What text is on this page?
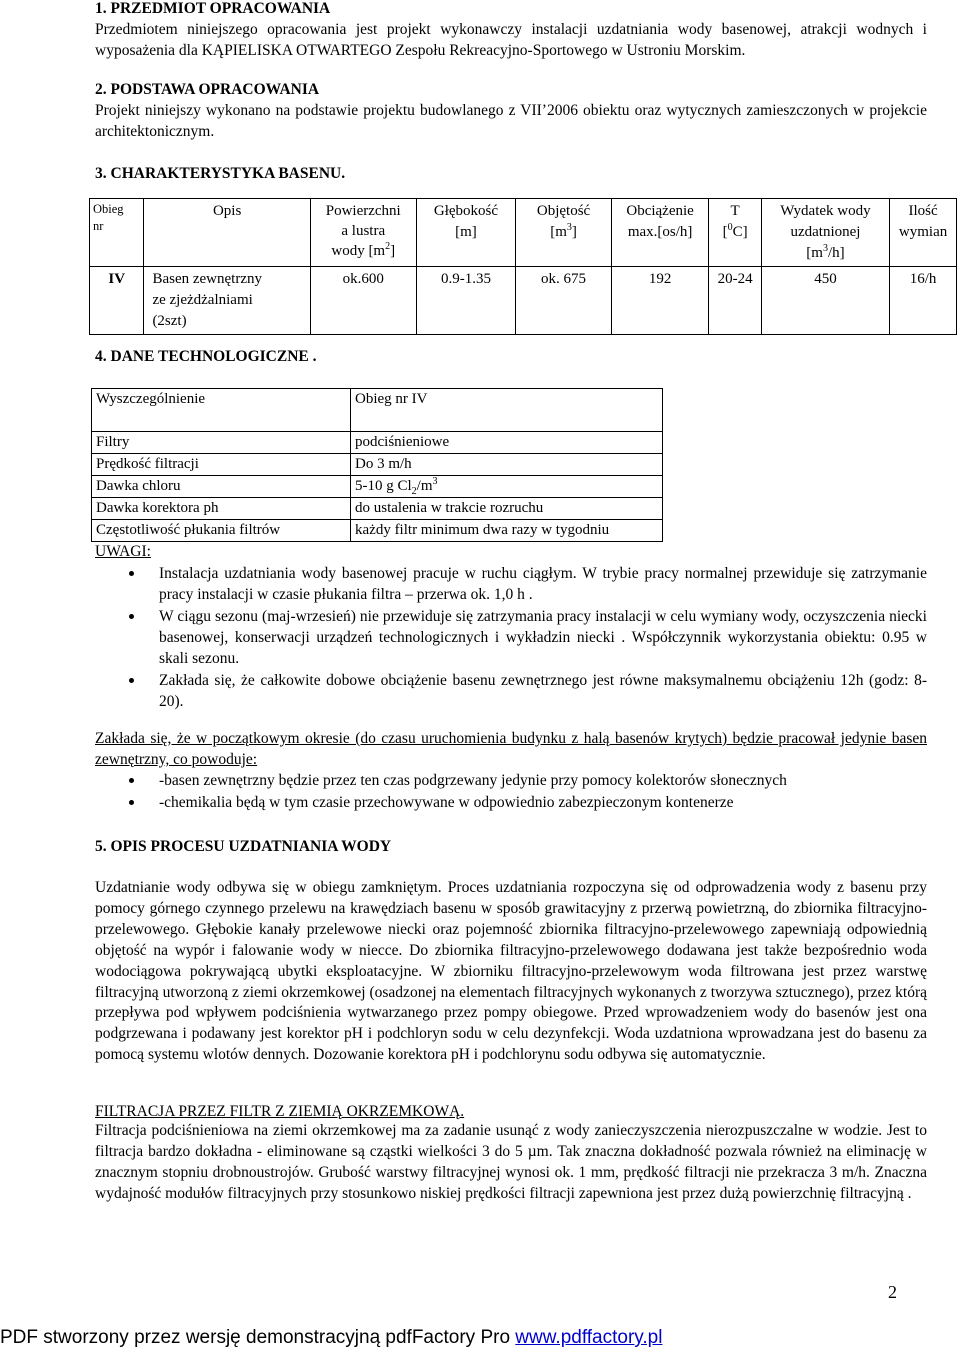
1. PRZEDMIOT OPRACOWANIA
Przedmiotem niniejszego opracowania jest projekt wykonawczy instalacji uzdatniania wody basenowej, atrakcji wodnych i wyposażenia dla KĄPIELISKA OTWARTEGO Zespołu Rekreacyjno-Sportowego w Ustroniu Morskim.
2. PODSTAWA OPRACOWANIA
Projekt niniejszy wykonano na podstawie projektu budowlanego z VII’2006 obiektu oraz wytycznych zamieszczonych w projekcie architektonicznym.
3. CHARAKTERYSTYKA BASENU.
Obieg
nr	Opis	Powierzchni
a lustra
wody $[m^2]$	Głębokość
[m]	Objętość
$[m^3]$	Obciążenie
max.[os/h]	T
[$^0$C]	Wydatek wody
uzdatnionej
$[m^3/h]$	Ilość
wymian
IV	Basen zewnętrzny
ze zjeżdżalniami
(2szt)	ok.600	0.9-1.35	ok. 675	192	20-24	450	16/h
4. DANE TECHNOLOGICZNE .
Wyszczególnienie	Obieg nr IV
Filtry	podciśnieniowe
Prędkość filtracji	Do 3 m/h
Dawka chloru	5-10 g $Cl_2/m^3$
Dawka korektora ph	do ustalenia w trakcie rozruchu
Częstotliwość płukania filtrów	każdy filtr minimum dwa razy w tygodniu
UWAGI:
Instalacja uzdatniania wody basenowej pracuje w ruchu ciągłym. W trybie pracy normalnej przewiduje się zatrzymanie pracy instalacji w czasie płukania filtra – przerwa ok. 1,0 h .
W ciągu sezonu (maj-wrzesień) nie przewiduje się zatrzymania pracy instalacji w celu wymiany wody, oczyszczenia niecki basenowej, konserwacji urządzeń technologicznych i wykładzin niecki . Współczynnik wykorzystania obiektu: 0.95 w skali sezonu.
Zakłada się, że całkowite dobowe obciążenie basenu zewnętrznego jest równe maksymalnemu obciążeniu 12h (godz: 8-20).
Zakłada się, że w początkowym okresie (do czasu uruchomienia budynku z halą basenów krytych) będzie pracował jedynie basen zewnętrzny, co powoduje:
-basen zewnętrzny będzie przez ten czas podgrzewany jedynie przy pomocy kolektorów słonecznych
-chemikalia będą w tym czasie przechowywane w odpowiednio zabezpieczonym kontenerze
5. OPIS PROCESU UZDATNIANIA WODY
Uzdatnianie wody odbywa się w obiegu zamkniętym. Proces uzdatniania rozpoczyna się od odprowadzenia wody z basenu przy pomocy górnego czynnego przelewu na krawędziach basenu w sposób grawitacyjny z przerwą powietrzną, do zbiornika filtracyjno-przelewowego. Głębokie kanały przelewowe niecki oraz pojemność zbiornika filtracyjno-przelewowego zapewniają odpowiednią objętość na wypór i falowanie wody w niecce. Do zbiornika filtracyjno-przelewowego dodawana jest także bezpośrednio woda wodociągowa pokrywającą ubytki eksploatacyjne. W zbiorniku filtracyjno-przelewowym woda filtrowana jest przez warstwę filtracyjną utworzoną z ziemi okrzemkowej (osadzonej na elementach filtracyjnych wykonanych z tworzywa sztucznego), przez którą przepływa pod wpływem podciśnienia wytwarzanego przez pompy obiegowe. Przed wprowadzeniem wody do basenów jest ona podgrzewana i podawany jest korektor pH i podchloryn sodu w celu dezynfekcji. Woda uzdatniona wprowadzana jest do basenu za pomocą systemu wlotów dennych. Dozowanie korektora pH i podchlorynu sodu odbywa się automatycznie.
FILTRACJA PRZEZ FILTR Z ZIEMIĄ OKRZEMKOWĄ.
Filtracja podciśnieniowa na ziemi okrzemkowej ma za zadanie usunąć z wody zanieczyszczenia nierozpuszczalne w wodzie. Jest to filtracja bardzo dokładna - eliminowane są cząstki wielkości 3 do 5 µm. Tak znaczna dokładność pozwala również na eliminację w znacznym stopniu drobnoustrojów. Grubość warstwy filtracyjnej wynosi ok. 1 mm, prędkość filtracji nie przekracza 3 m/h. Znaczna wydajność modułów filtracyjnych przy stosunkowo niskiej prędkości filtracji zapewniona jest przez dużą powierzchnię filtracyjną .
2
PDF stworzony przez wersję demonstracyjną pdfFactory Pro www.pdffactory.pl
